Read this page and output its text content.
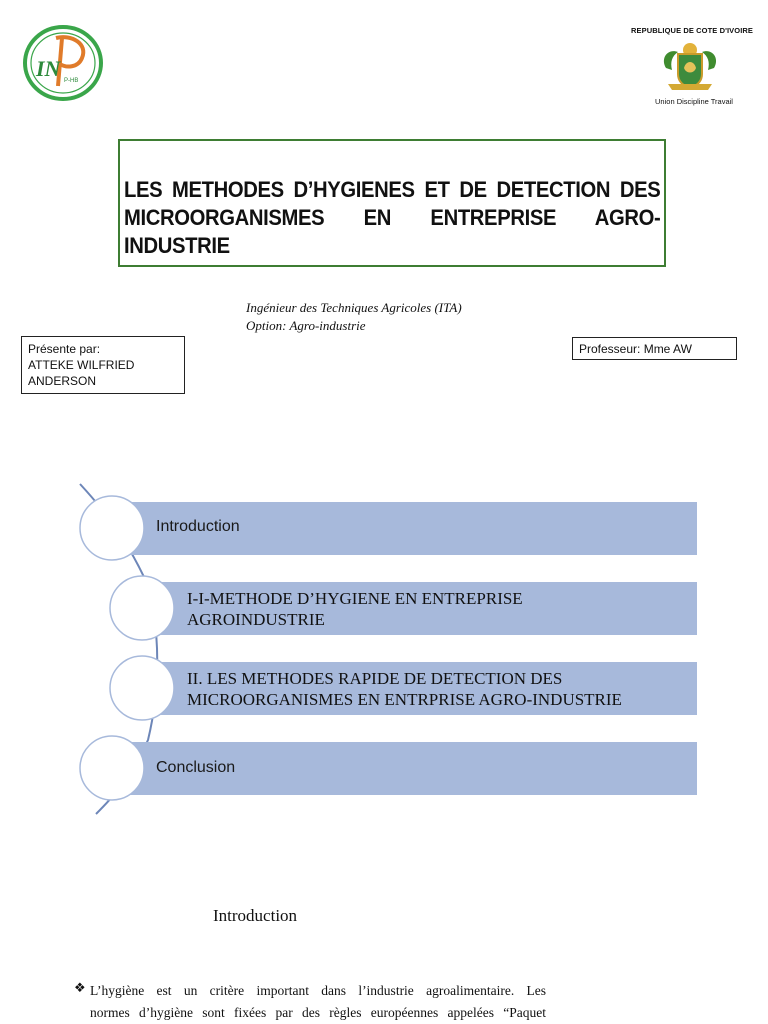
IN P-HB
REPUBLIQUE DE COTE D'IVOIRE
Union Discipline Travail
LES METHODES D’HYGIENES ET DE DETECTION DES
MICROORGANISMES EN ENTREPRISE AGRO-INDUSTRIE
Ingénieur des Techniques Agricoles (ITA)
Option: Agro-industrie
Présente par:
ATTEKE WILFRIED
ANDERSON
Professeur: Mme AW
Introduction
I-I-METHODE D’HYGIENE EN ENTREPRISE
AGROINDUSTRIE
II. LES METHODES RAPIDE DE DETECTION DES
MICROORGANISMES EN ENTRPRISE AGRO-INDUSTRIE
Conclusion
Introduction
❖ L’hygiène est un critère important dans l’industrie agroalimentaire. Les
normes d’hygiène sont fixées par des règles européennes appelées “Paquet
